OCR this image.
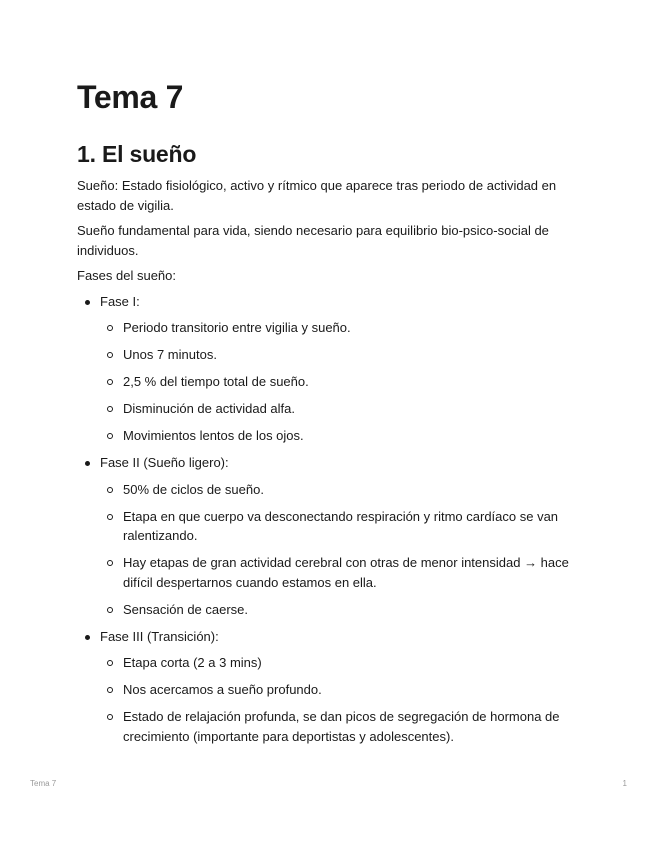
Tema 7
1. El sueño

Sueño: Estado fisiológico, activo y rítmico que aparece tras periodo de actividad en estado de vigilia.

Sueño fundamental para vida, siendo necesario para equilibrio bio-psico-social de individuos.

Fases del sueño:

Fase I:
Periodo transitorio entre vigilia y sueño.
Unos 7 minutos.
2,5 % del tiempo total de sueño.
Disminución de actividad alfa.
Movimientos lentos de los ojos.
Fase II (Sueño ligero):
50% de ciclos de sueño.
Etapa en que cuerpo va desconectando respiración y ritmo cardíaco se van ralentizando.
Hay etapas de gran actividad cerebral con otras de menor intensidad → hace difícil despertarnos cuando estamos en ella.
Sensación de caerse.
Fase III (Transición):
Etapa corta (2 a 3 mins)
Nos acercamos a sueño profundo.
Estado de relajación profunda, se dan picos de segregación de hormona de crecimiento (importante para deportistas y adolescentes).
Tema 7	1
